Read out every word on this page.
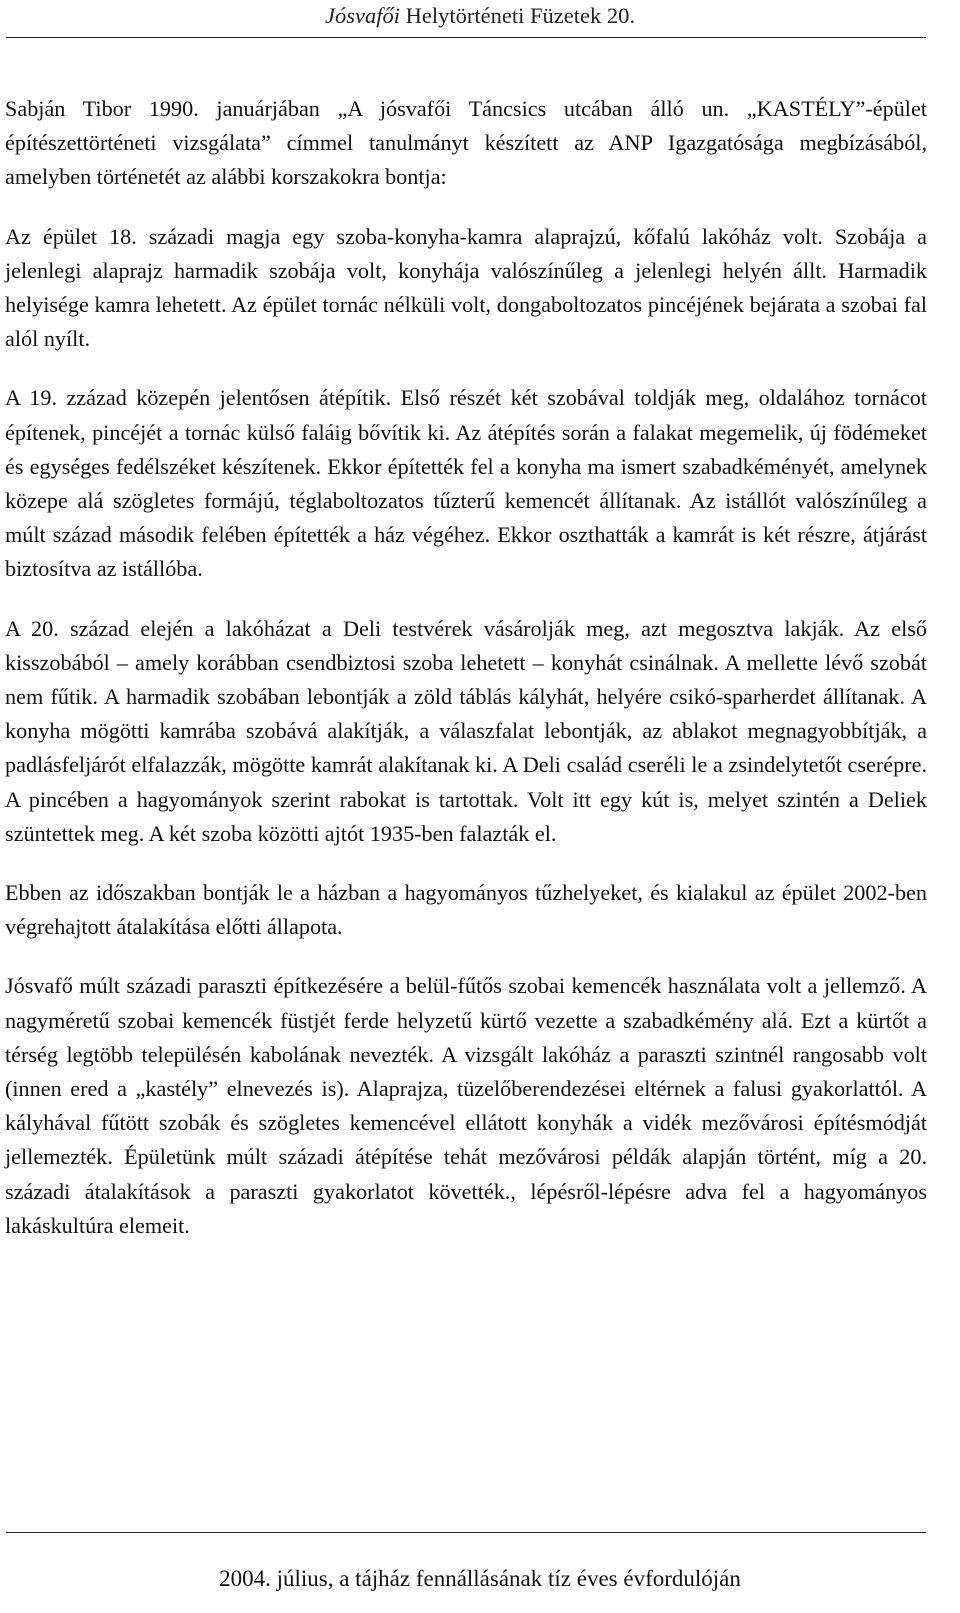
Jósvafői Helytörténeti Füzetek 20.

Sabján Tibor 1990. januárjában „A jósvafői Táncsics utcában álló un. „KASTÉLY”-épület építészettörténeti vizsgálata” címmel tanulmányt készített az ANP Igazgatósága megbízásából, amelyben történetét az alábbi korszakokra bontja:

Az épület 18. századi magja egy szoba-konyha-kamra alaprajzú, kőfalú lakóház volt. Szobája a jelenlegi alaprajz harmadik szobája volt, konyhája valószínűleg a jelenlegi helyén állt. Harmadik helyisége kamra lehetett. Az épület tornác nélküli volt, dongaboltozatos pincéjének bejárata a szobai fal alól nyílt.

A 19. zzázad közepén jelentősen átépítik. Első részét két szobával toldják meg, oldalához tornácot építenek, pincéjét a tornác külső faláig bővítik ki. Az átépítés során a falakat megemelik, új födémeket és egységes fedélszéket készítenek. Ekkor építették fel a konyha ma ismert szabadkéményét, amelynek közepe alá szögletes formájú, téglaboltozatos tűzterű kemencét állítanak. Az istállót valószínűleg a múlt század második felében építették a ház végéhez. Ekkor oszthatták a kamrát is két részre, átjárást biztosítva az istállóba.

A 20. század elején a lakóházat a Deli testvérek vásárolják meg, azt megosztva lakják. Az első kisszobából – amely korábban csendbiztosi szoba lehetett – konyhát csinálnak. A mellette lévő szobát nem fűtik. A harmadik szobában lebontják a zöld táblás kályhát, helyére csikó-sparherdet állítanak. A konyha mögötti kamrába szobává alakítják, a válaszfalat lebontják, az ablakot megnagyobbítják, a padlásfeljárót elfalazzák, mögötte kamrát alakítanak ki. A Deli család cseréli le a zsindelytetőt cserépre. A pincében a hagyományok szerint rabokat is tartottak. Volt itt egy kút is, melyet szintén a Deliek szüntettek meg. A két szoba közötti ajtót 1935-ben falazták el.

Ebben az időszakban bontják le a házban a hagyományos tűzhelyeket, és kialakul az épület 2002-ben végrehajtott átalakítása előtti állapota.

Jósvafő múlt századi paraszti építkezésére a belül-fűtős szobai kemencék használata volt a jellemző. A nagyméretű szobai kemencék füstjét ferde helyzetű kürtő vezette a szabadkémény alá. Ezt a kürtőt a térség legtöbb településén kabolának nevezték. A vizsgált lakóház a paraszti szintnél rangosabb volt (innen ered a „kastély” elnevezés is). Alaprajza, tüzelőberendezései eltérnek a falusi gyakorlattól. A kályhával fűtött szobák és szögletes kemencével ellátott konyhák a vidék mezővárosi építésmódját jellemezték. Épületünk múlt századi átépítése tehát mezővárosi példák alapján történt, míg a 20. századi átalakítások a paraszti gyakorlatot követték., lépésről-lépésre adva fel a hagyományos lakáskultúra elemeit.

2004. július, a tájház fennállásának tíz éves évfordulóján
